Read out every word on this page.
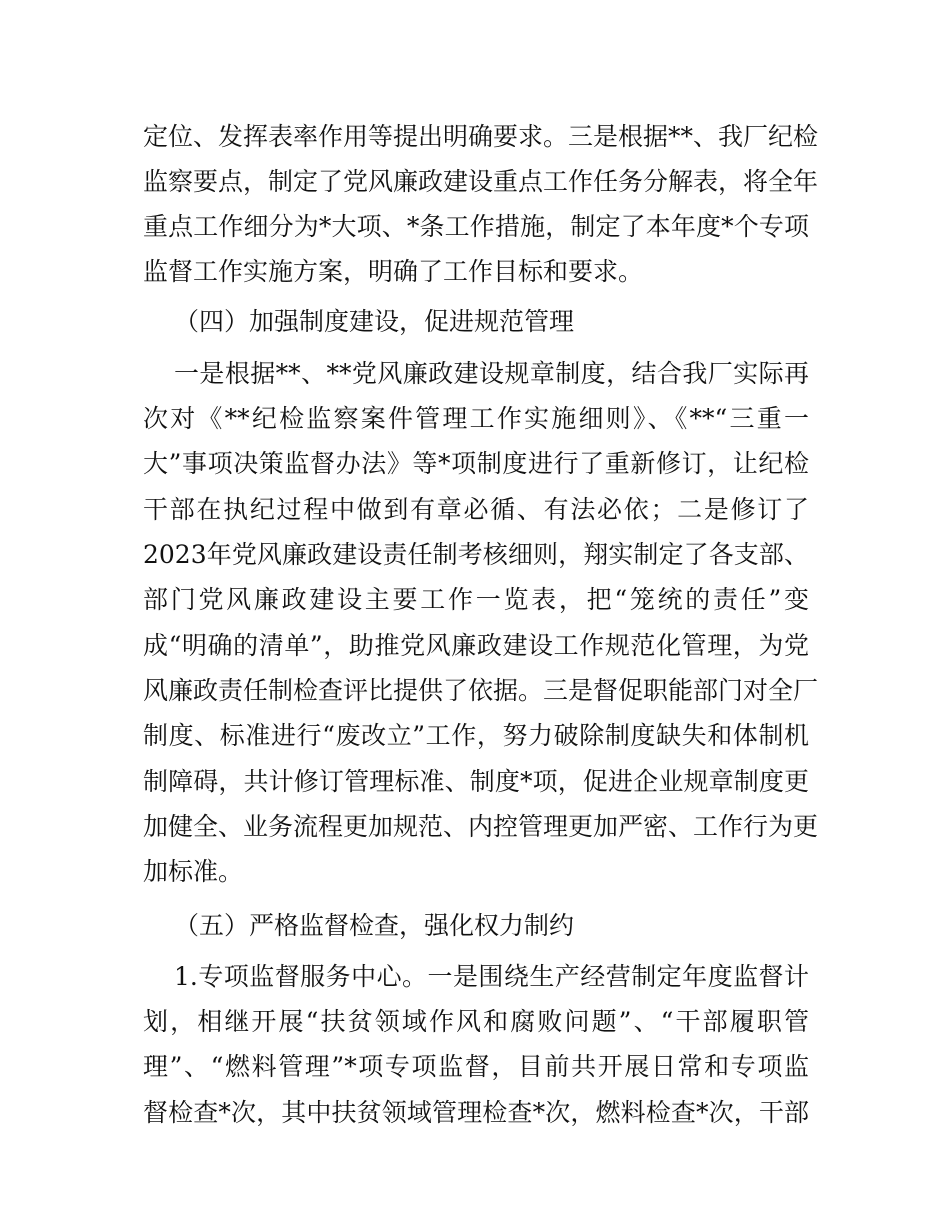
定位、发挥表率作用等提出明确要求。三是根据**、我厂纪检
监察要点，制定了党风廉政建设重点工作任务分解表，将全年
重点工作细分为*大项、*条工作措施，制定了本年度*个专项
监督工作实施方案，明确了工作目标和要求。
（四）加强制度建设，促进规范管理
一是根据**、**党风廉政建设规章制度，结合我厂实际再
次对《**纪检监察案件管理工作实施细则》、《**“三重一
大”事项决策监督办法》等*项制度进行了重新修订，让纪检
干部在执纪过程中做到有章必循、有法必依；二是修订了
2023年党风廉政建设责任制考核细则，翔实制定了各支部、
部门党风廉政建设主要工作一览表，把“笼统的责任”变
成“明确的清单”，助推党风廉政建设工作规范化管理，为党
风廉政责任制检查评比提供了依据。三是督促职能部门对全厂
制度、标准进行“废改立”工作，努力破除制度缺失和体制机
制障碍，共计修订管理标准、制度*项，促进企业规章制度更
加健全、业务流程更加规范、内控管理更加严密、工作行为更
加标准。
（五）严格监督检查，强化权力制约
1.专项监督服务中心。一是围绕生产经营制定年度监督计
划，相继开展“扶贫领域作风和腐败问题”、“干部履职管
理”、“燃料管理”*项专项监督，目前共开展日常和专项监
督检查*次，其中扶贫领域管理检查*次，燃料检查*次，干部
